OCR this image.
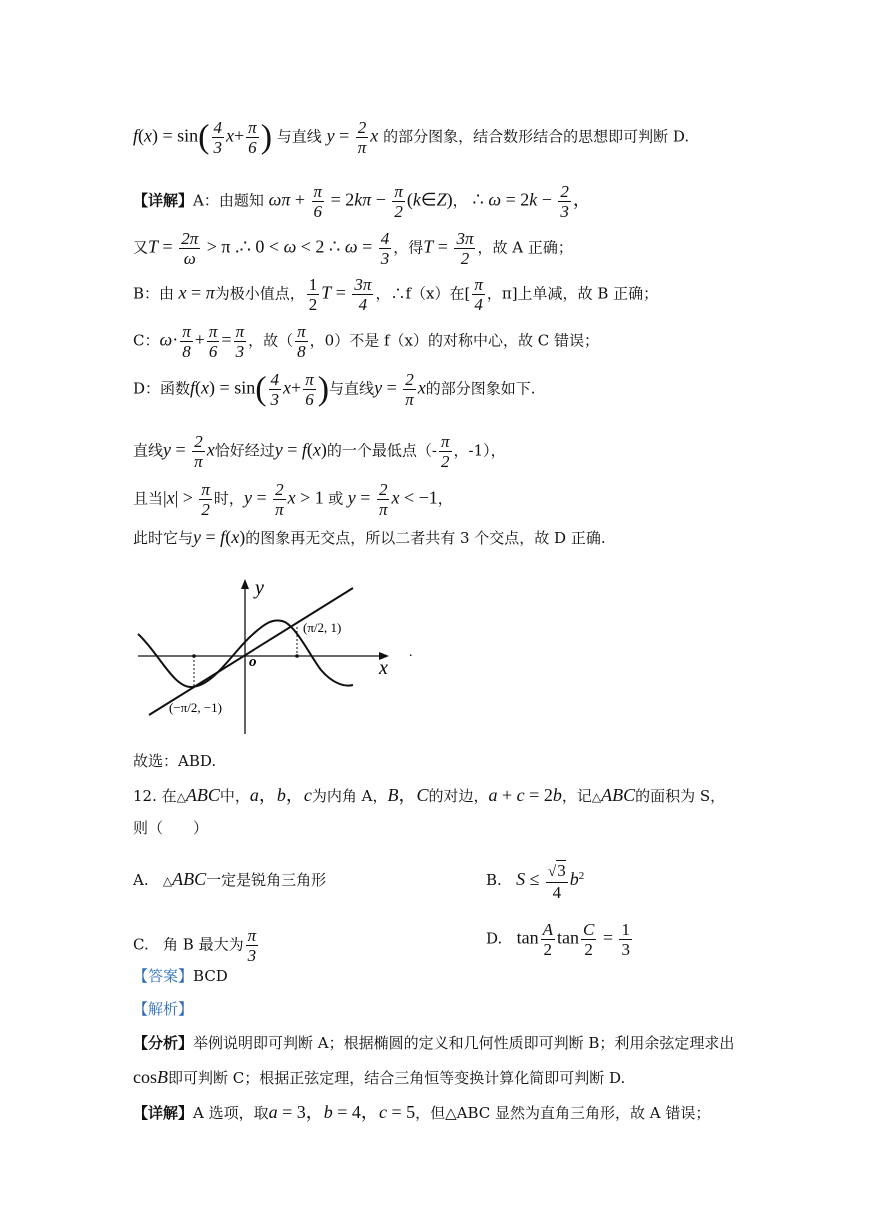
$f(x) = \sin( \frac{4}{3} x+ \frac{\pi}{6}$ ) 与直线 $y = \frac{2}{\pi}$ x 的部分图象，结合数形结合的思想即可判断 D.
【详解】A：由题知 $\omega\pi + \frac{\pi}{6} = 2k\pi - \frac{\pi}{2}$ (k∈Z)， ∴ $\omega = 2k - \frac{2}{3}$ ，
又$T = \frac{2\pi}{\omega} > \pi$ .∴ 0 < ω < 2 ∴ $\omega = \frac{4}{3}$ ，得$T = \frac{3\pi}{2}$ ，故 A 正确；
B：由 x = π为极小值点， $\frac{1}{2}$ $T = \frac{3\pi}{4}$ ，∴f（x）在[ $\frac{\pi}{4}$ ，π]上单减，故 B 正确；
C：$\omega\cdot \frac{\pi}{8} + \frac{\pi}{6} = \frac{\pi}{3}$ ，故（ $\frac{\pi}{8}$ ，0）不是 f（x）的对称中心，故 C 错误；
D：函数$f(x) = \sin( \frac{4}{3} x+ \frac{\pi}{6}$ )与直线$y = \frac{2}{\pi}$ x的部分图象如下.
直线$y = \frac{2}{\pi}$ x恰好经过y = f(x)的一个最低点（- $\frac{\pi}{2}$ ，-1），
且当$|x| > \frac{\pi}{2}$ 时，$y = \frac{2}{\pi}$ x > 1 或 $y = \frac{2}{\pi}$ x < −1，
此时它与y = f(x)的图象再无交点，所以二者共有 3 个交点，故 D 正确.
y
x
o
(π/2, 1)
(−π/2, −1)
.
故选：ABD.
12. 在△ABC中，a，b，c为内角 A，B，C的对边，a + c = 2b，记△ABC的面积为 S，
则（　　）
A. △ABC一定是锐角三角形	B. $S \le \frac{√3}{4} b^2$
C. 角 B 最大为 $\frac{\pi}{3}$	D. $\tan \frac{A}{2}$ $\tan \frac{C}{2} = \frac{1}{3}$
【答案】BCD
【解析】
【分析】举例说明即可判断 A；根据椭圆的定义和几何性质即可判断 B；利用余弦定理求出
cosB即可判断 C；根据正弦定理，结合三角恒等变换计算化简即可判断 D.
【详解】A 选项，取a = 3，b = 4，c = 5，但△ABC 显然为直角三角形，故 A 错误；
